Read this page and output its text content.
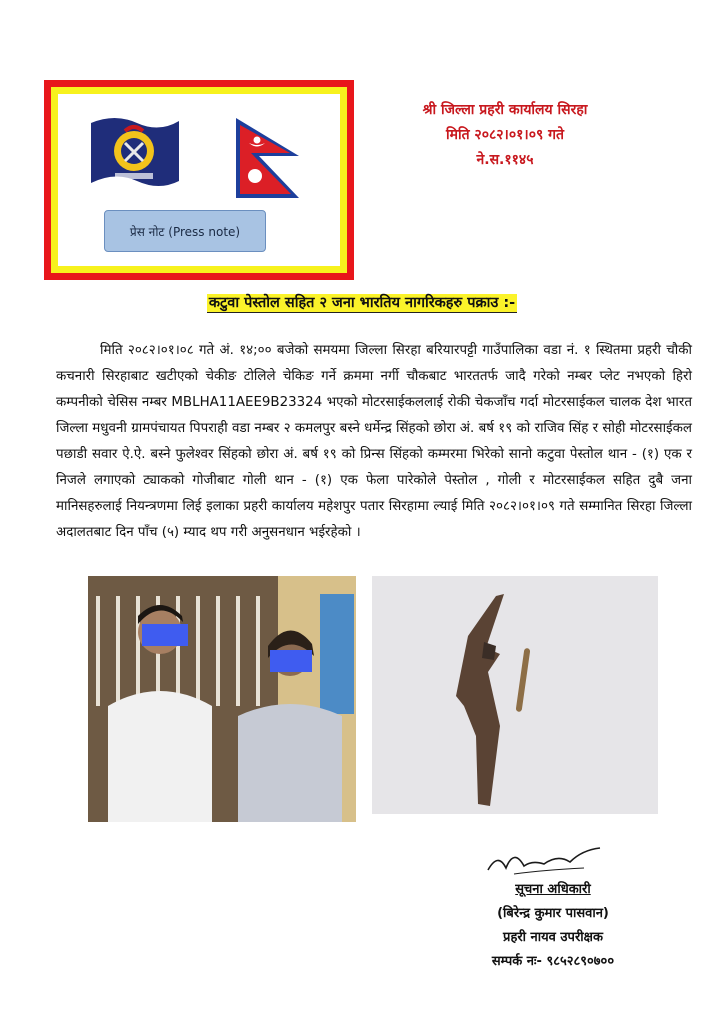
प्रेस नोट (Press note)
श्री जिल्ला प्रहरी कार्यालय सिरहा
मिति २०८२।०१।०९ गते
ने.स.११४५
कटुवा पेस्तोल सहित २ जना भारतिय नागरिकहरु पक्राउ :-
मिति २०८२।०१।०८ गते अं. १४;०० बजेको समयमा जिल्ला सिरहा बरियारपट्टी गाउँपालिका वडा नं. १ स्थितमा प्रहरी चौकी कचनारी सिरहाबाट खटीएको चेकीङ टोलिले चेकिङ गर्ने क्रममा नर्गी चौकबाट भारततर्फ जादै गरेको नम्बर प्लेट नभएको हिरो कम्पनीको चेसिस नम्बर MBLHA11AEE9B23324 भएको मोटरसाईकललाई रोकी चेकजाँच गर्दा मोटरसाईकल चालक देश भारत जिल्ला मधुवनी ग्रामपंचायत पिपराही वडा नम्बर २ कमलपुर बस्ने धर्मेन्द्र सिंहको छोरा अं. बर्ष १९ को राजिव सिंह र सोही मोटरसाईकल पछाडी सवार ऐ.ऐ. बस्ने फुलेश्वर सिंहको छोरा अं. बर्ष १९ को प्रिन्स सिंहको कम्मरमा भिरेको सानो कटुवा पेस्तोल थान - (१) एक र निजले लगाएको ट्याकको गोजीबाट गोली थान - (१) एक फेला पारेकोले पेस्तोल , गोली र मोटरसाईकल सहित दुबै जना मानिसहरुलाई नियन्त्रणमा लिई इलाका प्रहरी कार्यालय महेशपुर पतार सिरहामा ल्याई मिति २०८२।०१।०९ गते सम्मानित सिरहा जिल्ला अदालतबाट दिन पाँच (५) म्याद थप गरी अनुसनधान भईरहेको ।
सूचना अधिकारी
(बिरेन्द्र कुमार पासवान)
प्रहरी नायव उपरीक्षक
सम्पर्क नः- ९८५२८९०७००
